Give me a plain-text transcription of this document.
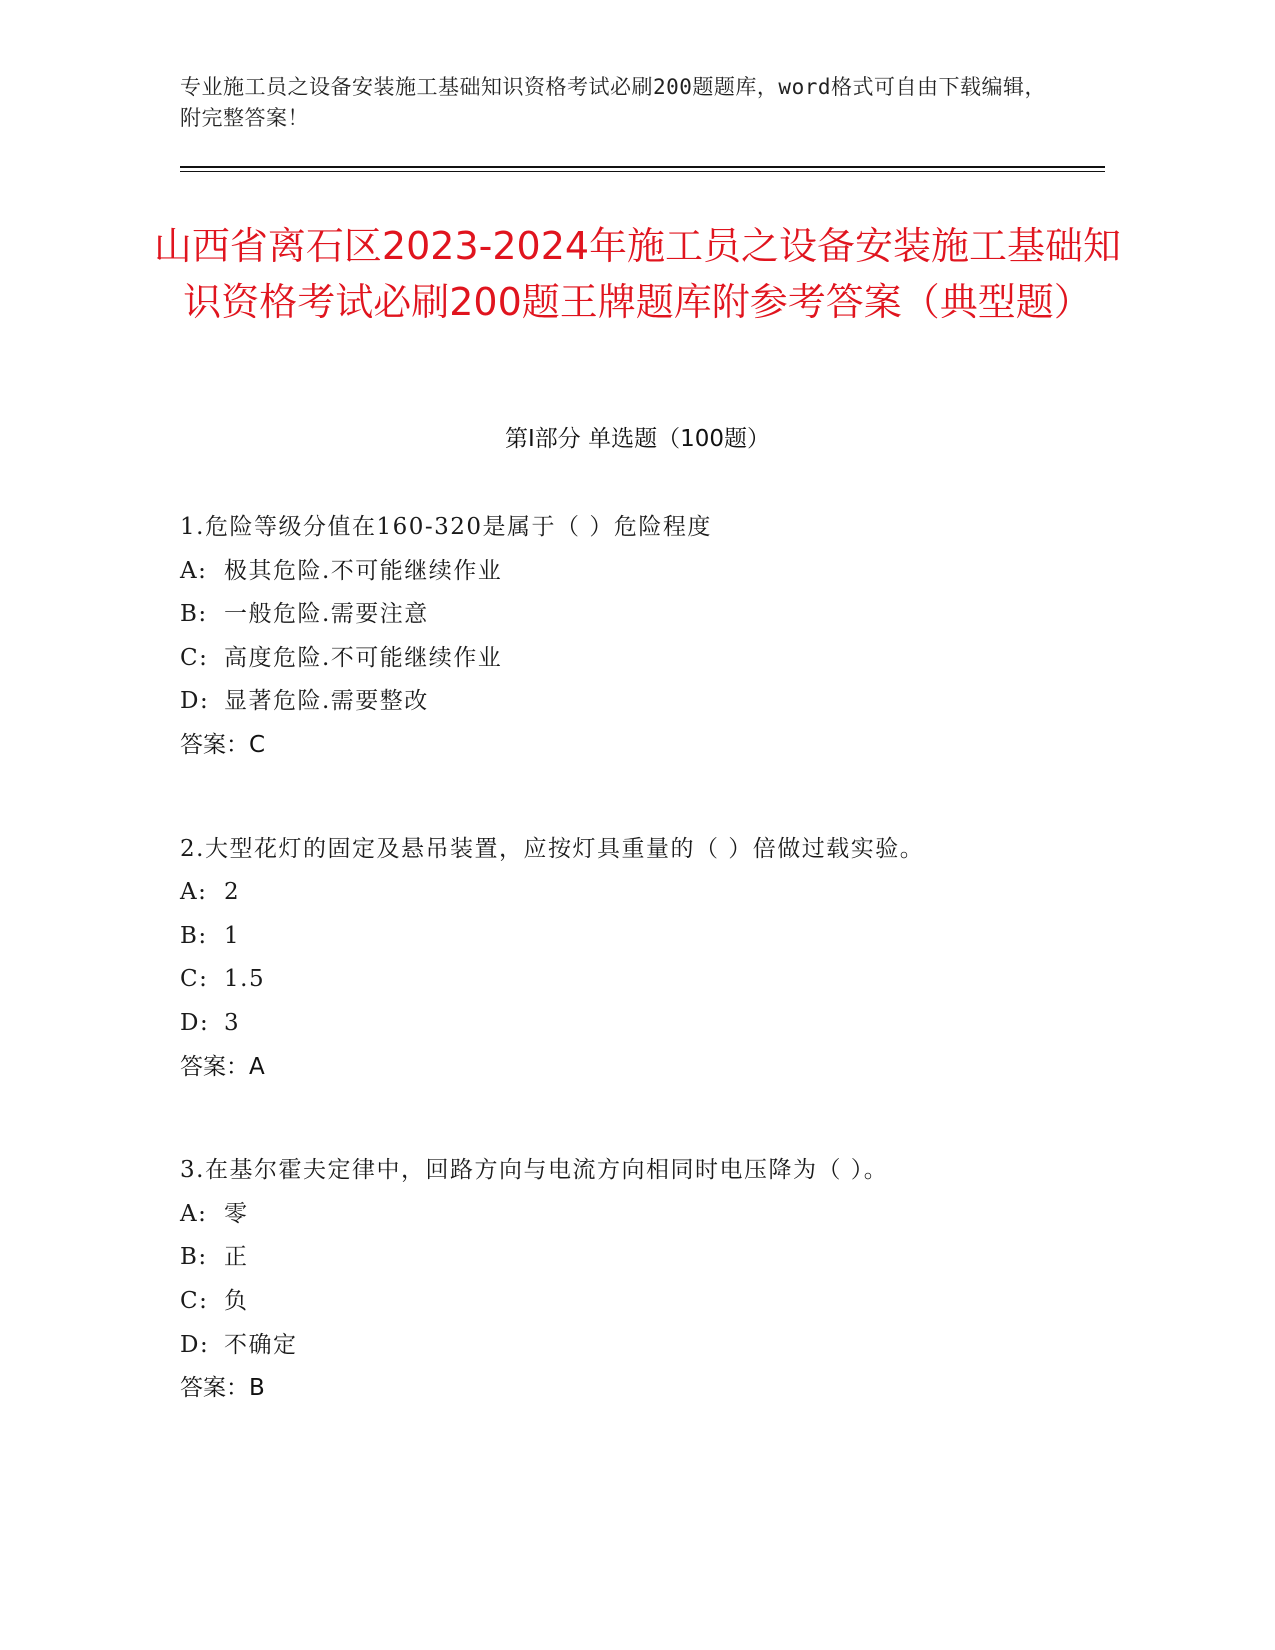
专业施工员之设备安装施工基础知识资格考试必刷200题题库，word格式可自由下载编辑，附完整答案！
山西省离石区2023-2024年施工员之设备安装施工基础知识资格考试必刷200题王牌题库附参考答案（典型题）
第Ⅰ部分 单选题（100题）
1.危险等级分值在160-320是属于（ ）危险程度
A: 极其危险.不可能继续作业
B: 一般危险.需要注意
C: 高度危险.不可能继续作业
D: 显著危险.需要整改
答案：C
2.大型花灯的固定及悬吊装置，应按灯具重量的（ ）倍做过载实验。
A: 2
B: 1
C: 1.5
D: 3
答案：A
3.在基尔霍夫定律中，回路方向与电流方向相同时电压降为（ ）。
A: 零
B: 正
C: 负
D: 不确定
答案：B
